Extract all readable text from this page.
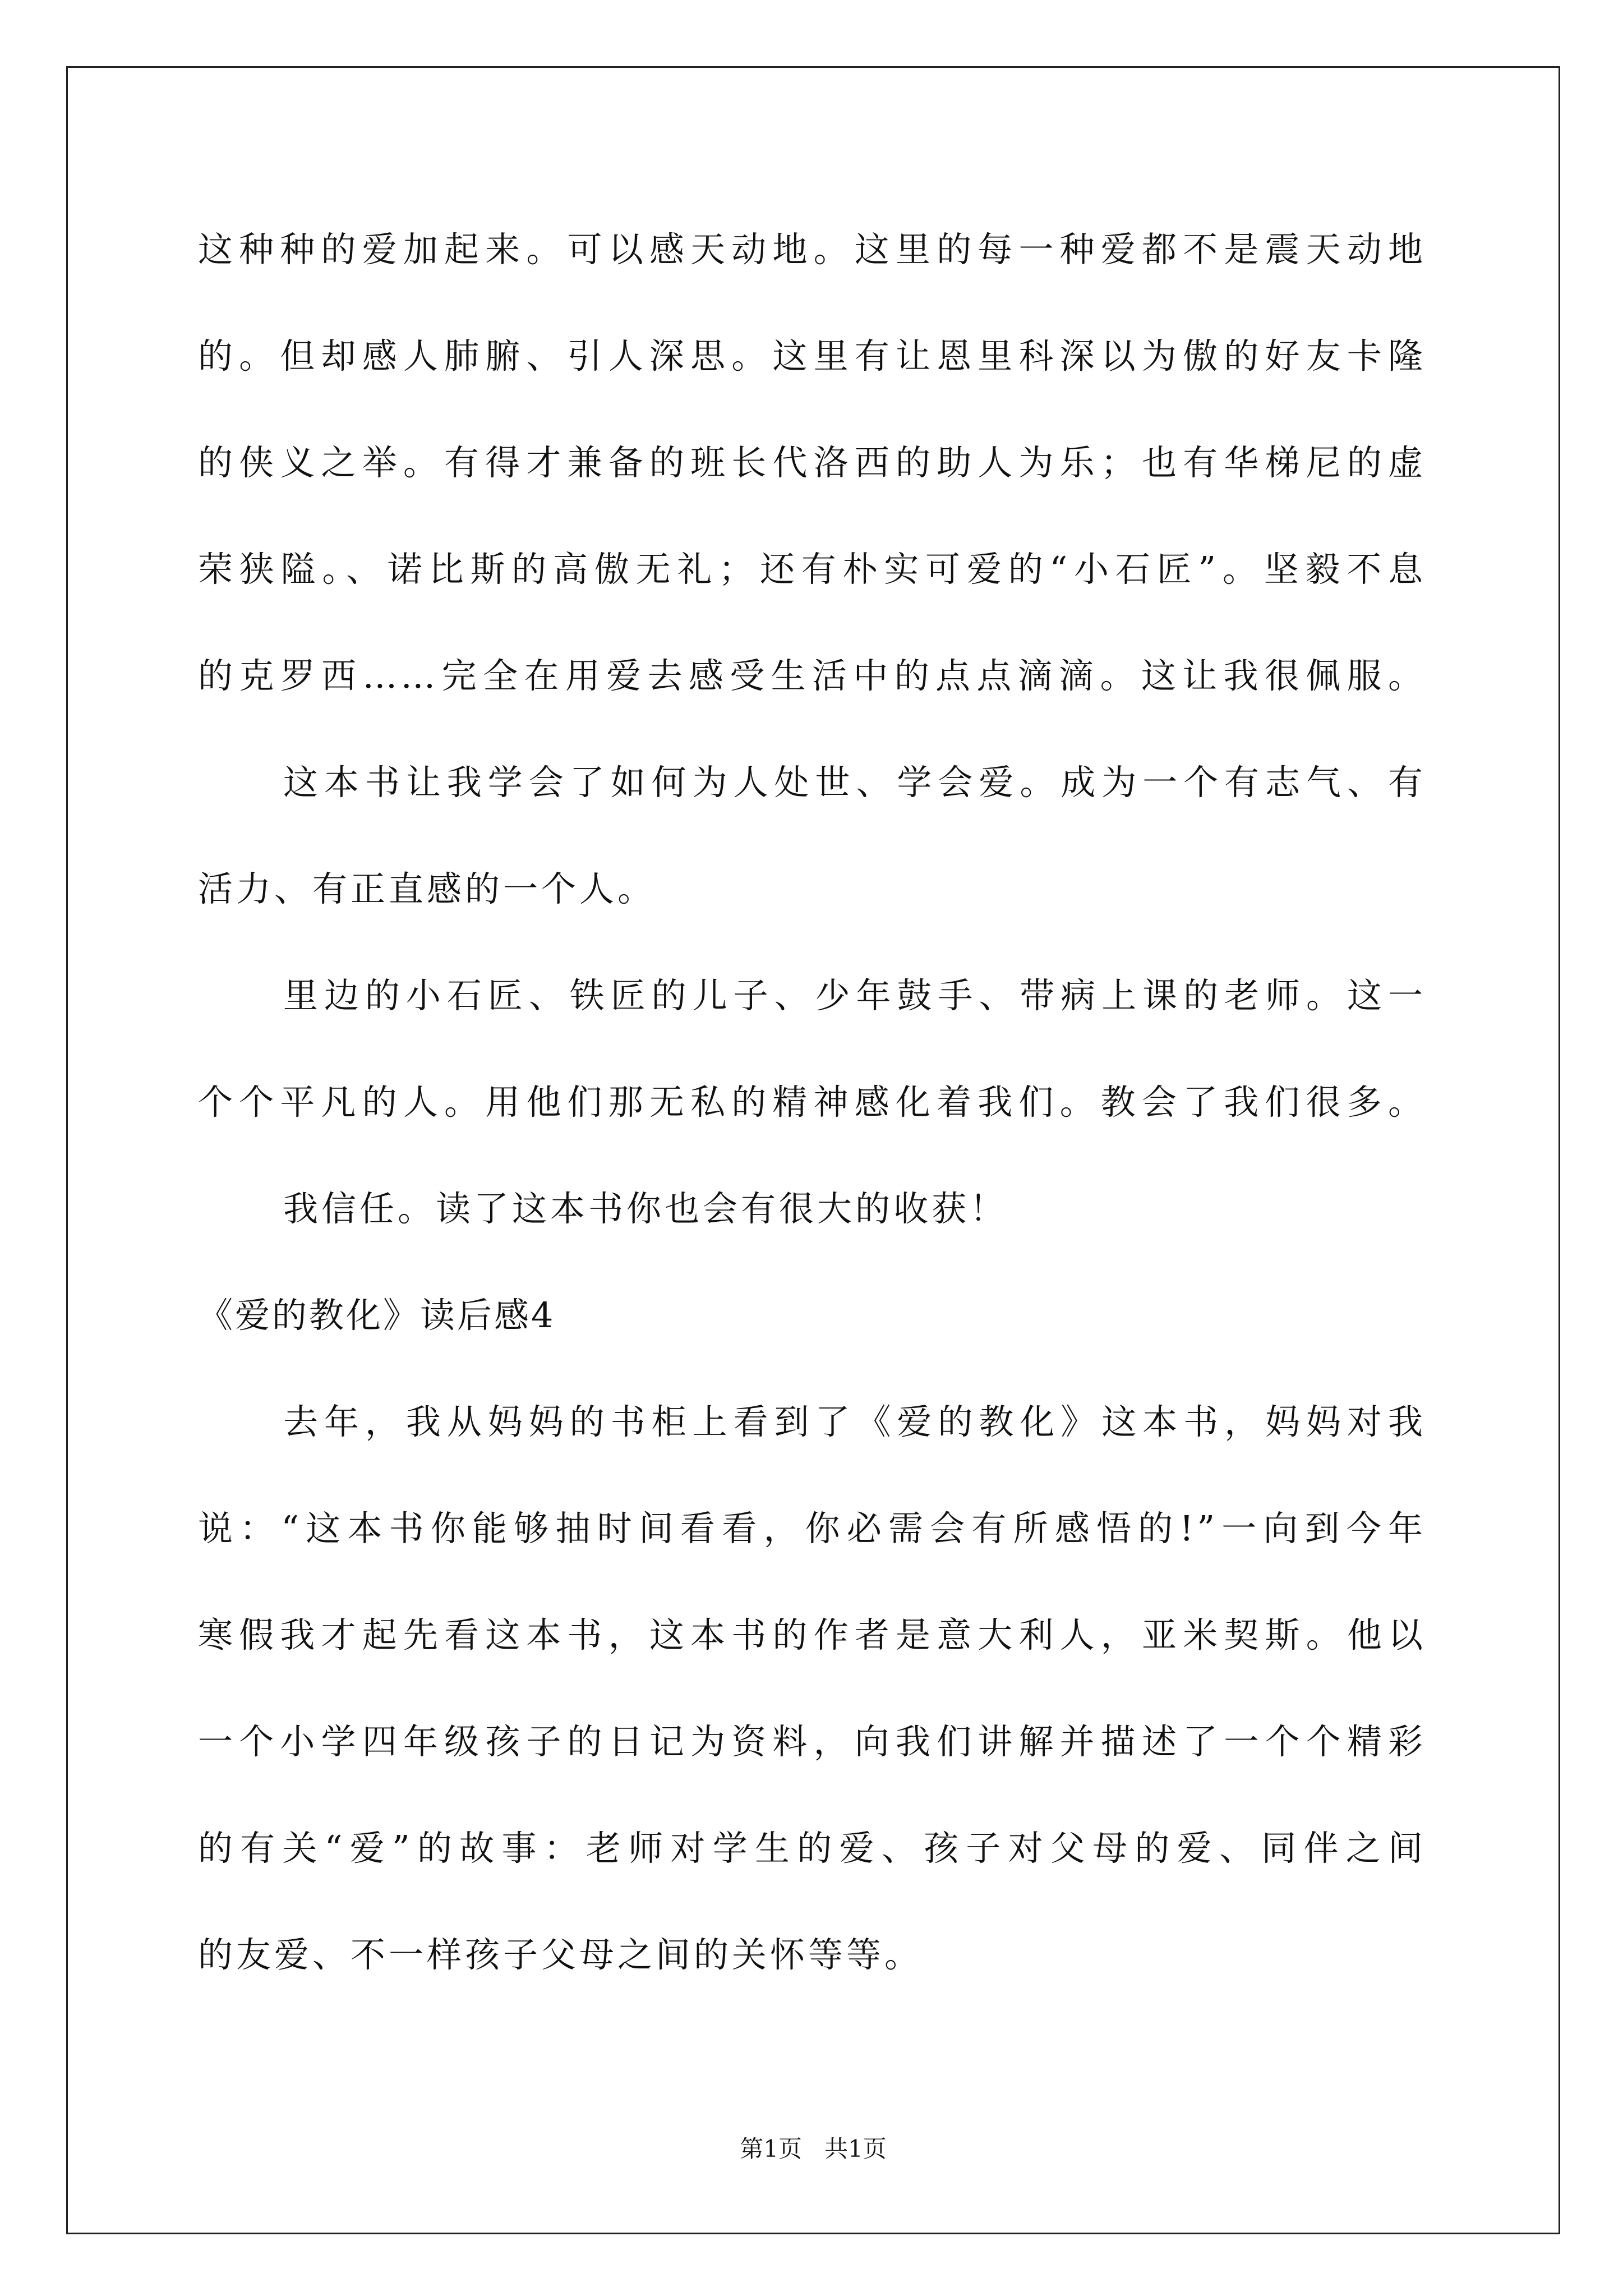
这种种的爱加起来。可以感天动地。这里的每一种爱都不是震天动地
的。但却感人肺腑、引人深思。这里有让恩里科深以为傲的好友卡隆
的侠义之举。有得才兼备的班长代洛西的助人为乐；也有华梯尼的虚
荣狭隘。、诺比斯的高傲无礼；还有朴实可爱的“小石匠”。坚毅不息
的克罗西……完全在用爱去感受生活中的点点滴滴。这让我很佩服。
这本书让我学会了如何为人处世、学会爱。成为一个有志气、有
活力、有正直感的一个人。
里边的小石匠、铁匠的儿子、少年鼓手、带病上课的老师。这一
个个平凡的人。用他们那无私的精神感化着我们。教会了我们很多。
我信任。读了这本书你也会有很大的收获！
《爱的教化》读后感4
去年，我从妈妈的书柜上看到了《爱的教化》这本书，妈妈对我
说：“这本书你能够抽时间看看，你必需会有所感悟的!”一向到今年
寒假我才起先看这本书，这本书的作者是意大利人，亚米契斯。他以
一个小学四年级孩子的日记为资料，向我们讲解并描述了一个个精彩
的有关“爱”的故事：老师对学生的爱、孩子对父母的爱、同伴之间
的友爱、不一样孩子父母之间的关怀等等。
第1页 共1页
